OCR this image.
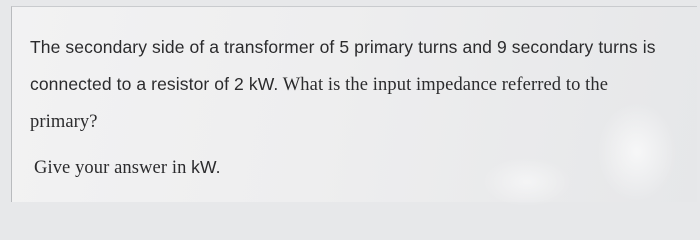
The secondary side of a transformer of 5 primary turns and 9 secondary turns is
connected to a resistor of 2 kW. What is the input impedance referred to the
primary?
Give your answer in kW.
